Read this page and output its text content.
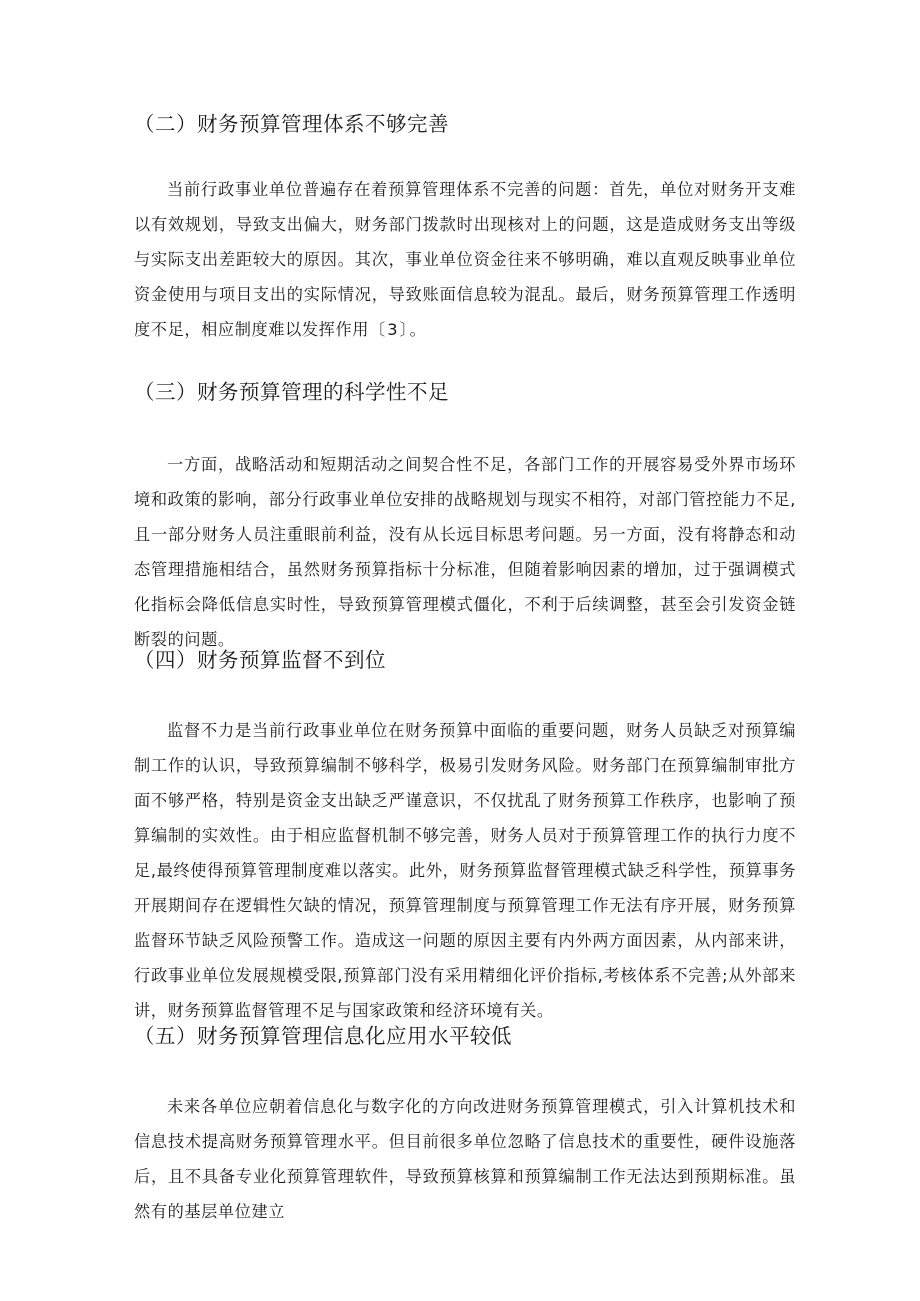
（二）财务预算管理体系不够完善

当前行政事业单位普遍存在着预算管理体系不完善的问题：首先，单位对财务开支难以有效规划，导致支出偏大，财务部门拨款时出现核对上的问题，这是造成财务支出等级与实际支出差距较大的原因。其次，事业单位资金往来不够明确，难以直观反映事业单位资金使用与项目支出的实际情况，导致账面信息较为混乱。最后，财务预算管理工作透明度不足，相应制度难以发挥作用〔3〕。

（三）财务预算管理的科学性不足

一方面，战略活动和短期活动之间契合性不足，各部门工作的开展容易受外界市场环境和政策的影响，部分行政事业单位安排的战略规划与现实不相符，对部门管控能力不足,且一部分财务人员注重眼前利益，没有从长远目标思考问题。另一方面，没有将静态和动态管理措施相结合，虽然财务预算指标十分标准，但随着影响因素的增加，过于强调模式化指标会降低信息实时性，导致预算管理模式僵化，不利于后续调整，甚至会引发资金链断裂的问题。

（四）财务预算监督不到位

监督不力是当前行政事业单位在财务预算中面临的重要问题，财务人员缺乏对预算编制工作的认识，导致预算编制不够科学，极易引发财务风险。财务部门在预算编制审批方面不够严格，特别是资金支出缺乏严谨意识，不仅扰乱了财务预算工作秩序，也影响了预算编制的实效性。由于相应监督机制不够完善，财务人员对于预算管理工作的执行力度不足,最终使得预算管理制度难以落实。此外，财务预算监督管理模式缺乏科学性，预算事务开展期间存在逻辑性欠缺的情况，预算管理制度与预算管理工作无法有序开展，财务预算监督环节缺乏风险预警工作。造成这一问题的原因主要有内外两方面因素，从内部来讲，行政事业单位发展规模受限,预算部门没有采用精细化评价指标,考核体系不完善;从外部来讲，财务预算监督管理不足与国家政策和经济环境有关。

（五）财务预算管理信息化应用水平较低

未来各单位应朝着信息化与数字化的方向改进财务预算管理模式，引入计算机技术和信息技术提高财务预算管理水平。但目前很多单位忽略了信息技术的重要性，硬件设施落后，且不具备专业化预算管理软件，导致预算核算和预算编制工作无法达到预期标准。虽然有的基层单位建立
